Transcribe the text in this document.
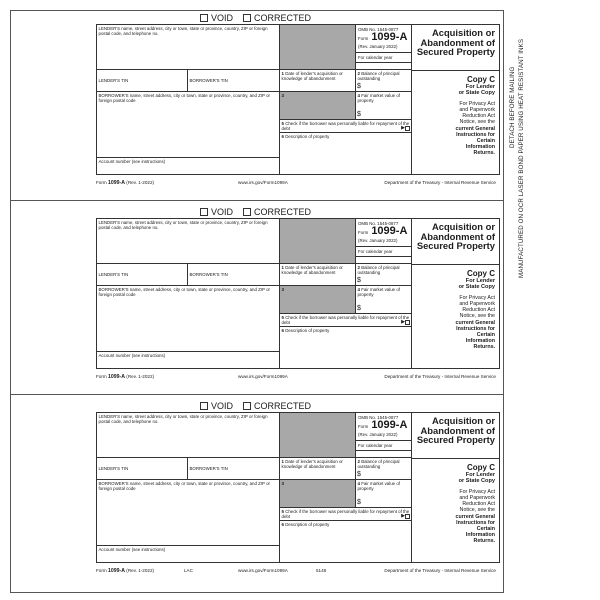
DETACH BEFORE MAILING MANUFACTURED ON OCR LASER BOND PAPER USING HEAT RESISTANT INKS
VOID CORRECTED
LENDER'S name, street address, city or town, state or province, country, ZIP or foreign postal code, and telephone no.
OMB No. 1545-0877
Form 1099-A
(Rev. January 2022)
For calendar year
Acquisition or
Abandonment of
Secured Property
LENDER'S TIN	BORROWER'S TIN
1 Date of lender's acquisition or knowledge of abandonment
2 Balance of principal outstanding
$
BORROWER'S name, street address, city or town, state or province, country, and ZIP or foreign postal code
3	4 Fair market value of property
$
5 Check if the borrower was personally liable for repayment of the debt	▶
6 Description of property
Account number (see instructions)
Copy C
For Lender
or State Copy
For Privacy Act
and Paperwork
Reduction Act
Notice, see the
current General
Instructions for
Certain
Information
Returns.
Form 1099-A (Rev. 1-2022)	www.irs.gov/Form1099A	Department of the Treasury - Internal Revenue Service
VOID CORRECTED
LENDER'S name, street address, city or town, state or province, country, ZIP or foreign postal code, and telephone no.
OMB No. 1545-0877
Form 1099-A
(Rev. January 2022)
For calendar year
Acquisition or
Abandonment of
Secured Property
LENDER'S TIN	BORROWER'S TIN
1 Date of lender's acquisition or knowledge of abandonment
2 Balance of principal outstanding
$
BORROWER'S name, street address, city or town, state or province, country, and ZIP or foreign postal code
3	4 Fair market value of property
$
5 Check if the borrower was personally liable for repayment of the debt	▶
6 Description of property
Account number (see instructions)
Copy C
For Lender
or State Copy
For Privacy Act
and Paperwork
Reduction Act
Notice, see the
current General
Instructions for
Certain
Information
Returns.
Form 1099-A (Rev. 1-2022)	www.irs.gov/Form1099A	Department of the Treasury - Internal Revenue Service
VOID CORRECTED
LENDER'S name, street address, city or town, state or province, country, ZIP or foreign postal code, and telephone no.
OMB No. 1545-0877
Form 1099-A
(Rev. January 2022)
For calendar year
Acquisition or
Abandonment of
Secured Property
LENDER'S TIN	BORROWER'S TIN
1 Date of lender's acquisition or knowledge of abandonment
2 Balance of principal outstanding
$
BORROWER'S name, street address, city or town, state or province, country, and ZIP or foreign postal code
3	4 Fair market value of property
$
5 Check if the borrower was personally liable for repayment of the debt	▶
6 Description of property
Account number (see instructions)
Copy C
For Lender
or State Copy
For Privacy Act
and Paperwork
Reduction Act
Notice, see the
current General
Instructions for
Certain
Information
Returns.
Form 1099-A (Rev. 1-2022)	LAC	www.irs.gov/Form1099A	5148	Department of the Treasury - Internal Revenue Service
